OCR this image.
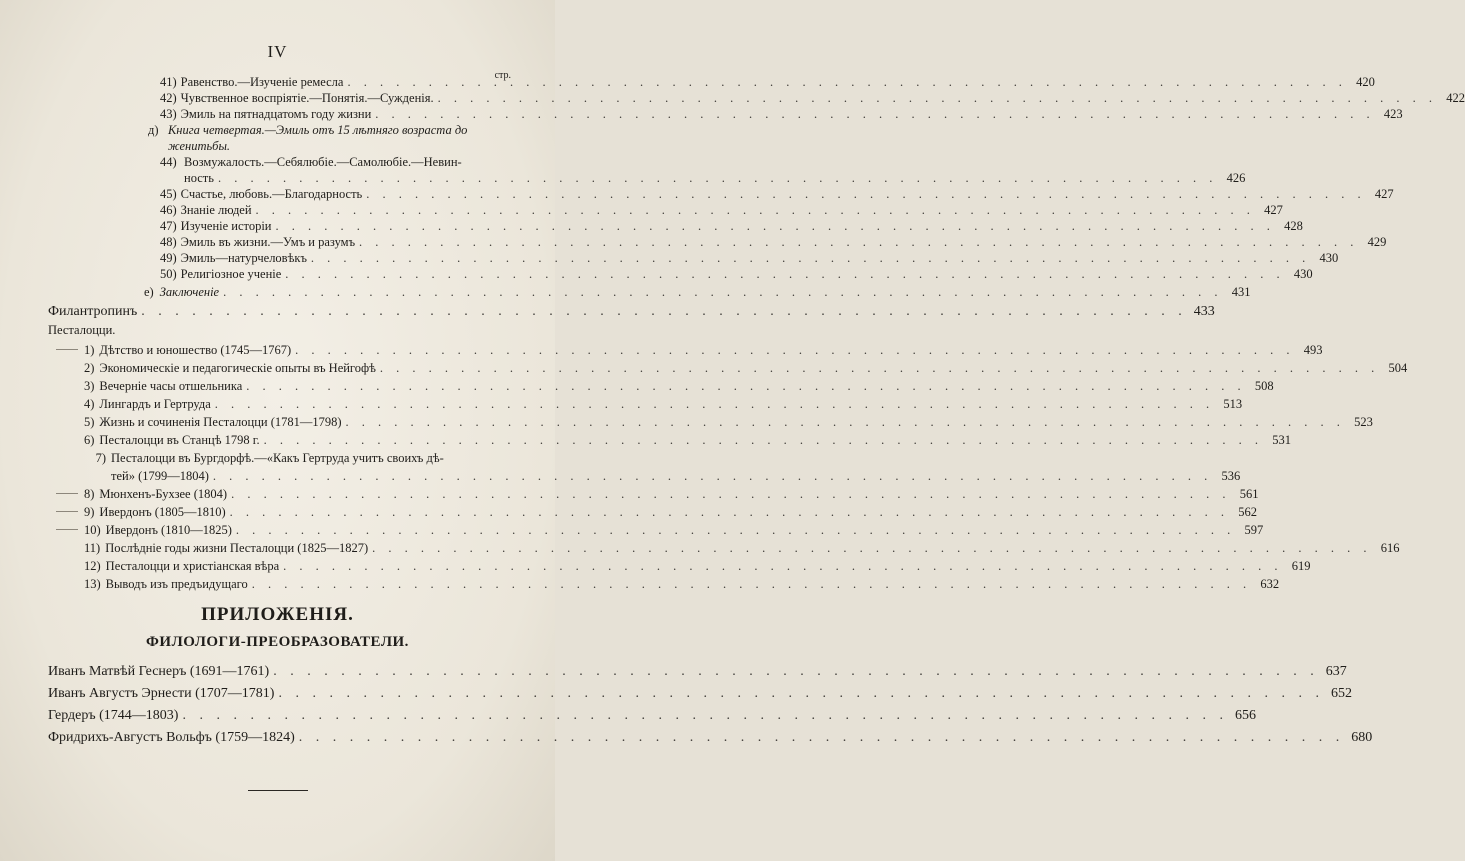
IV
стр.
41) Равенство.—Изученіе ремесла . . .	420
42) Чувственное воспріятіе.—Понятія.—Сужденія. . . .	422
43) Эмиль на пятнадцатомъ году жизни . . .	423
д) Книга четвертая.—Эмиль отъ 15 лѣтняго возраста до
женитьбы.
44) Возмужалость.—Себялюбіе.—Самолюбіе.—Невин-
ность . . .	426
45) Счастье, любовь.—Благодарность . . .	427
46) Знаніе людей . . .	427
47) Изученіе исторіи . . .	428
48) Эмиль въ жизни.—Умъ и разумъ . . .	429
49) Эмиль—натурчеловѣкъ . . .	430
50) Религіозное ученіе . . .	430
е) Заключеніе . . .	431
Филантропинъ . . .	433
Песталоцци.
1) Дѣтство и юношество (1745—1767) . . .	493
2) Экономическіе и педагогическіе опыты въ Нейгофѣ . . .	504
3) Вечерніе часы отшельника . . .	508
4) Лингардъ и Гертруда . . .	513
5) Жизнь и сочиненія Песталоцци (1781—1798) . . .	523
6) Песталоцци въ Станцѣ 1798 г. . . .	531
7) Песталоцци въ Бургдорфѣ.—«Какъ Гертруда учитъ своихъ дѣ-
тей» (1799—1804) . . .	536
8) Мюнхенъ-Бухзее (1804) . . .	561
9) Ивердонъ (1805—1810) . . .	562
10) Ивердонъ (1810—1825) . . .	597
11) Послѣдніе годы жизни Песталоцци (1825—1827) . . .	616
12) Песталоцци и христіанская вѣра . . .	619
13) Выводъ изъ предъидущаго . . .	632
ПРИЛОЖЕНІЯ.
ФИЛОЛОГИ-ПРЕОБРАЗОВАТЕЛИ.
Иванъ Матвѣй Геснеръ (1691—1761) . . .	637
Иванъ Августъ Эрнести (1707—1781) . . .	652
Гердеръ (1744—1803) . . .	656
Фридрихъ-Августъ Вольфъ (1759—1824) . . .	680
